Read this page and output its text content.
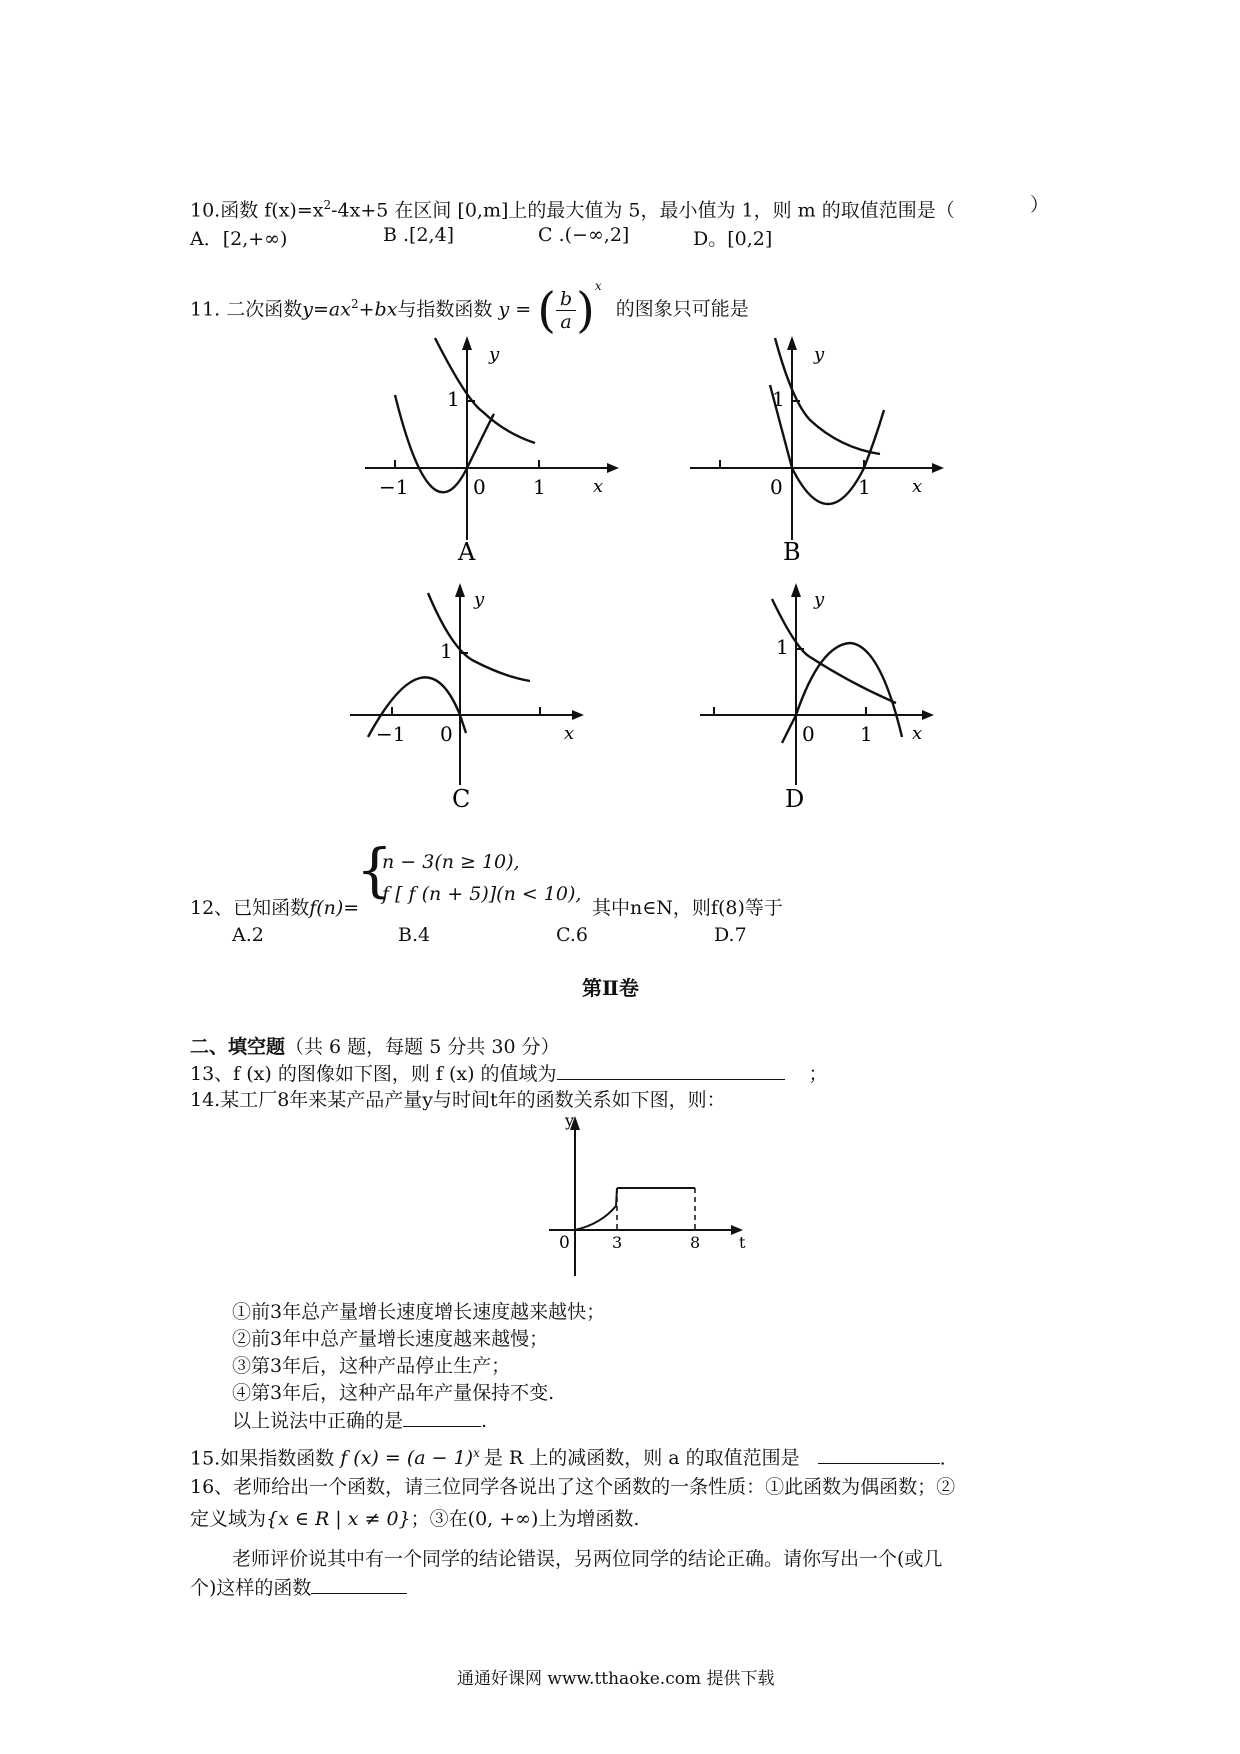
10.函数 $f(x)=x^2-4x+5$ 在区间 [0,m]上的最大值为 5，最小值为 1，则 m 的取值范围是（	）
A．[2,+∞)	B .[2,4]	C .(−∞,2]	D。[0,2]
11. 二次函数$y=ax^2+bx$与指数函数 y = ( $\frac{b}{a} )^x$ 的图象只可能是
y
x
1
−1	1
0
A
y
x
1
1
0
B
y
x
1
−1 0
C
y
x
1
1
0
D
12、已知函数f(n)=
{
n − 3(n ≥ 10),
f [ f (n + 5)](n < 10),
其中n∈N，则f(8)等于
A.2	B.4	C.6	D.7
第Ⅱ卷
二、填空题（共 6 题，每题 5 分共 30 分）
13、f (x) 的图像如下图，则 f (x) 的值域为	；
14.某工厂8年来某产品产量y与时间t年的函数关系如下图，则：
y
t
0	3	8
①前3年总产量增长速度增长速度越来越快；
②前3年中总产量增长速度越来越慢；
③第3年后，这种产品停止生产；
④第3年后，这种产品年产量保持不变.
以上说法中正确的是	.
15.如果指数函数 f $(x) = (a - 1)^x$ 是 R 上的减函数，则 a 的取值范围是	.
16、老师给出一个函数，请三位同学各说出了这个函数的一条性质：①此函数为偶函数；②
定义域为{x ∈ R | x ≠ 0}；③在(0, +∞)上为增函数.
老师评价说其中有一个同学的结论错误，另两位同学的结论正确。请你写出一个(或几
个)这样的函数
通通好课网 www.tthaoke.com 提供下载
